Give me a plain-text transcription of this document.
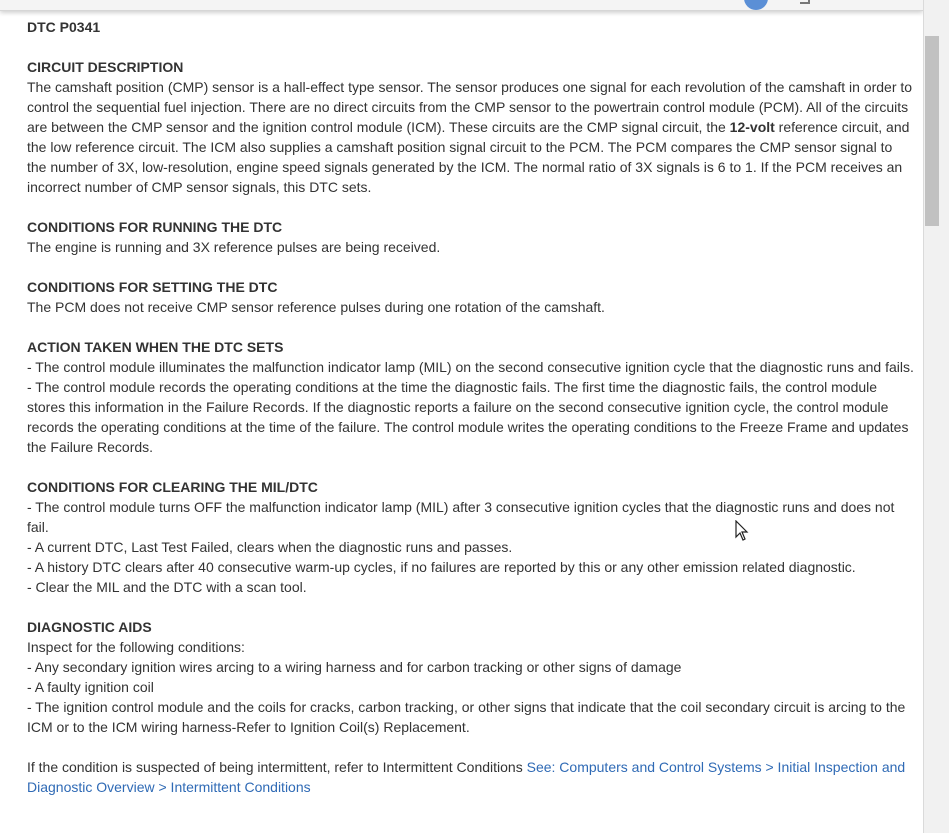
DTC P0341

CIRCUIT DESCRIPTION

The camshaft position (CMP) sensor is a hall-effect type sensor. The sensor produces one signal for each revolution of the camshaft in order to control the sequential fuel injection. There are no direct circuits from the CMP sensor to the powertrain control module (PCM). All of the circuits are between the CMP sensor and the ignition control module (ICM). These circuits are the CMP signal circuit, the 12-volt reference circuit, and the low reference circuit. The ICM also supplies a camshaft position signal circuit to the PCM. The PCM compares the CMP sensor signal to the number of 3X, low-resolution, engine speed signals generated by the ICM. The normal ratio of 3X signals is 6 to 1. If the PCM receives an incorrect number of CMP sensor signals, this DTC sets.

CONDITIONS FOR RUNNING THE DTC

The engine is running and 3X reference pulses are being received.

CONDITIONS FOR SETTING THE DTC

The PCM does not receive CMP sensor reference pulses during one rotation of the camshaft.

ACTION TAKEN WHEN THE DTC SETS

- The control module illuminates the malfunction indicator lamp (MIL) on the second consecutive ignition cycle that the diagnostic runs and fails.

- The control module records the operating conditions at the time the diagnostic fails. The first time the diagnostic fails, the control module stores this information in the Failure Records. If the diagnostic reports a failure on the second consecutive ignition cycle, the control module records the operating conditions at the time of the failure. The control module writes the operating conditions to the Freeze Frame and updates the Failure Records.

CONDITIONS FOR CLEARING THE MIL/DTC

- The control module turns OFF the malfunction indicator lamp (MIL) after 3 consecutive ignition cycles that the diagnostic runs and does not fail.

- A current DTC, Last Test Failed, clears when the diagnostic runs and passes.

- A history DTC clears after 40 consecutive warm-up cycles, if no failures are reported by this or any other emission related diagnostic.

- Clear the MIL and the DTC with a scan tool.

DIAGNOSTIC AIDS

Inspect for the following conditions:

- Any secondary ignition wires arcing to a wiring harness and for carbon tracking or other signs of damage

- A faulty ignition coil

- The ignition control module and the coils for cracks, carbon tracking, or other signs that indicate that the coil secondary circuit is arcing to the ICM or to the ICM wiring harness-Refer to Ignition Coil(s) Replacement.

If the condition is suspected of being intermittent, refer to Intermittent Conditions See: Computers and Control Systems > Initial Inspection and Diagnostic Overview > Intermittent Conditions
